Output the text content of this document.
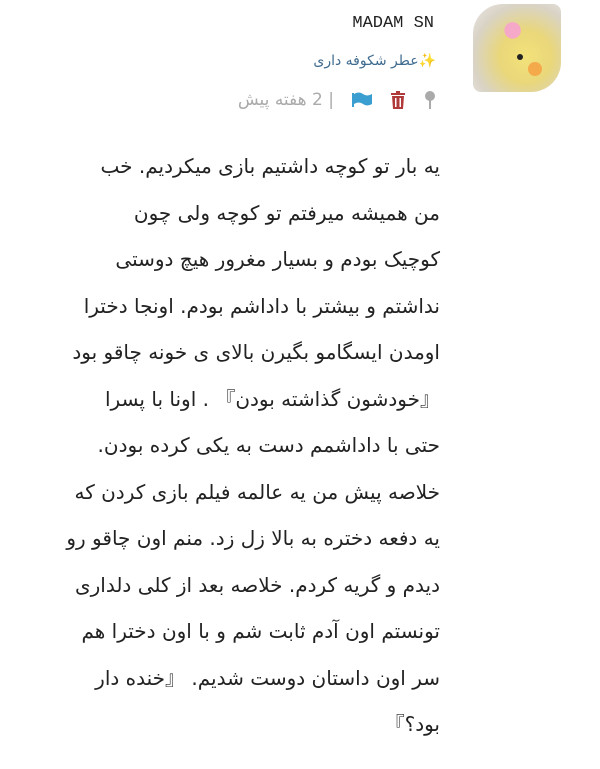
MADAM SN
✨عطر شکوفه داری
| 2 هفته پیش
یه بار تو کوچه داشتیم بازی میکردیم. خب
من همیشه میرفتم تو کوچه ولی چون
کوچیک بودم و بسیار مغرور هیچ دوستی
نداشتم و بیشتر با داداشم بودم. اونجا دخترا
اومدن ایسگامو بگیرن بالای ی خونه چاقو بود
『خودشون گذاشته بودن』 . اونا با پسرا
حتی با داداشمم دست به یکی کرده بودن.
خلاصه پیش من یه عالمه فیلم بازی کردن که
یه دفعه دختره به بالا زل زد. منم اون چاقو رو
دیدم و گریه کردم. خلاصه بعد از کلی دلداری
تونستم اون آدم ثابت شم و با اون دخترا هم
سر اون داستان دوست شدیم. 『خنده دار
بود؟』
